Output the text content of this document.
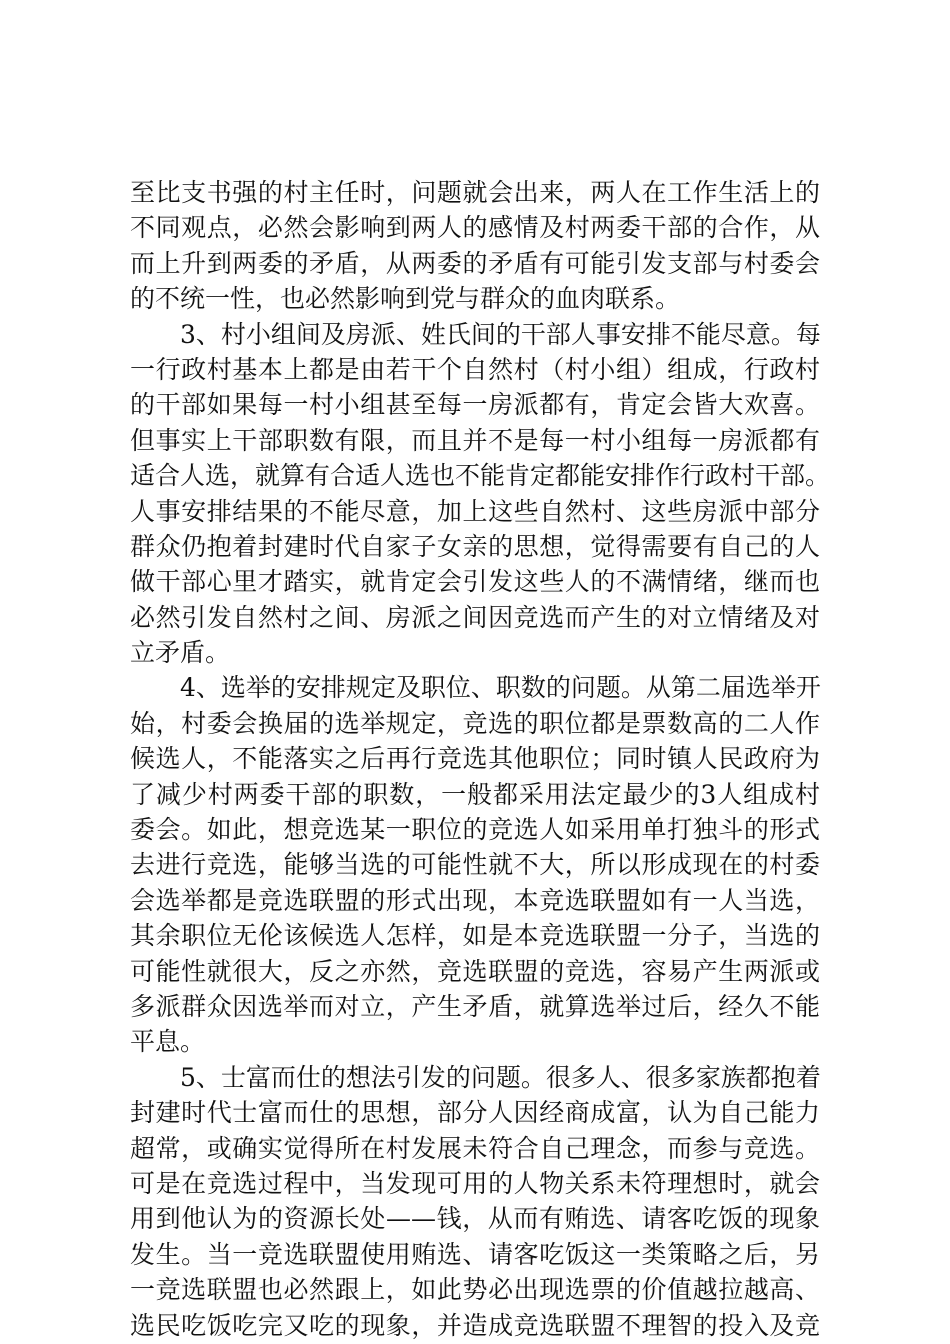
至比支书强的村主任时，问题就会出来，两人在工作生活上的
不同观点，必然会影响到两人的感情及村两委干部的合作，从
而上升到两委的矛盾，从两委的矛盾有可能引发支部与村委会
的不统一性，也必然影响到党与群众的血肉联系。
3、村小组间及房派、姓氏间的干部人事安排不能尽意。每
一行政村基本上都是由若干个自然村（村小组）组成，行政村
的干部如果每一村小组甚至每一房派都有，肯定会皆大欢喜。
但事实上干部职数有限，而且并不是每一村小组每一房派都有
适合人选，就算有合适人选也不能肯定都能安排作行政村干部。
人事安排结果的不能尽意，加上这些自然村、这些房派中部分
群众仍抱着封建时代自家子女亲的思想，觉得需要有自己的人
做干部心里才踏实，就肯定会引发这些人的不满情绪，继而也
必然引发自然村之间、房派之间因竞选而产生的对立情绪及对
立矛盾。
4、选举的安排规定及职位、职数的问题。从第二届选举开
始，村委会换届的选举规定，竞选的职位都是票数高的二人作
候选人，不能落实之后再行竞选其他职位；同时镇人民政府为
了减少村两委干部的职数，一般都采用法定最少的3人组成村
委会。如此，想竞选某一职位的竞选人如采用单打独斗的形式
去进行竞选，能够当选的可能性就不大，所以形成现在的村委
会选举都是竞选联盟的形式出现，本竞选联盟如有一人当选，
其余职位无伦该候选人怎样，如是本竞选联盟一分子，当选的
可能性就很大，反之亦然，竞选联盟的竞选，容易产生两派或
多派群众因选举而对立，产生矛盾，就算选举过后，经久不能
平息。
5、士富而仕的想法引发的问题。很多人、很多家族都抱着
封建时代士富而仕的思想，部分人因经商成富，认为自己能力
超常，或确实觉得所在村发展未符合自己理念，而参与竞选。
可是在竞选过程中，当发现可用的人物关系未符理想时，就会
用到他认为的资源长处——钱，从而有贿选、请客吃饭的现象
发生。当一竞选联盟使用贿选、请客吃饭这一类策略之后，另
一竞选联盟也必然跟上，如此势必出现选票的价值越拉越高、
选民吃饭吃完又吃的现象，并造成竞选联盟不理智的投入及竞
